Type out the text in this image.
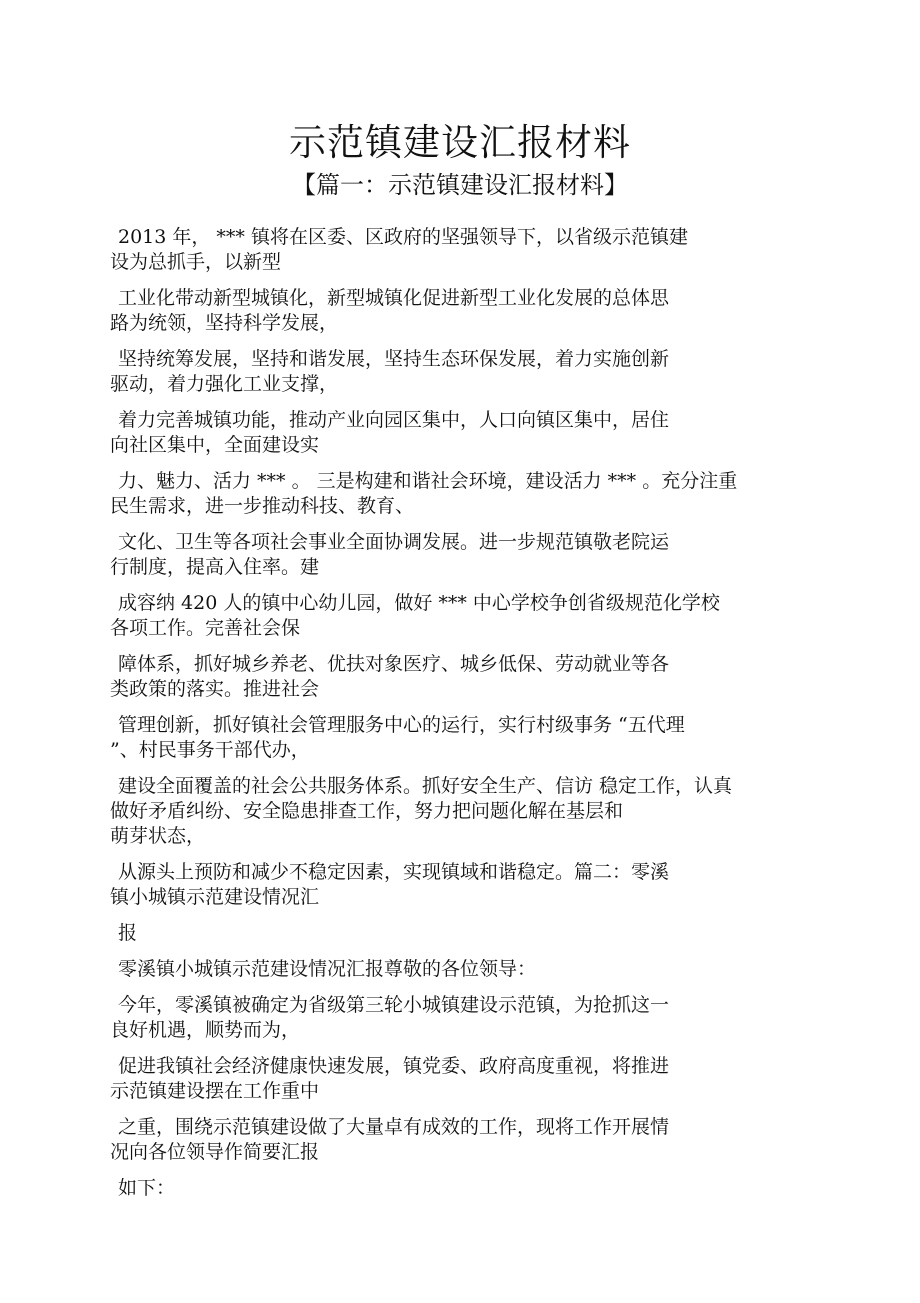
示范镇建设汇报材料
【篇一：示范镇建设汇报材料】
2013 年， *** 镇将在区委、区政府的坚强领导下，以省级示范镇建
设为总抓手，以新型
工业化带动新型城镇化，新型城镇化促进新型工业化发展的总体思
路为统领，坚持科学发展，
坚持统筹发展，坚持和谐发展，坚持生态环保发展，着力实施创新
驱动，着力强化工业支撑，
着力完善城镇功能，推动产业向园区集中，人口向镇区集中，居住
向社区集中，全面建设实
力、魅力、活力 *** 。 三是构建和谐社会环境，建设活力 *** 。充分注重
民生需求，进一步推动科技、教育、
文化、卫生等各项社会事业全面协调发展。进一步规范镇敬老院运
行制度，提高入住率。建
成容纳 420 人的镇中心幼儿园，做好 *** 中心学校争创省级规范化学校
各项工作。完善社会保
障体系，抓好城乡养老、优扶对象医疗、城乡低保、劳动就业等各
类政策的落实。推进社会
管理创新，抓好镇社会管理服务中心的运行，实行村级事务 “五代理
”、村民事务干部代办，
建设全面覆盖的社会公共服务体系。抓好安全生产、信访 稳定工作，认真
做好矛盾纠纷、安全隐患排查工作，努力把问题化解在基层和
萌芽状态，
从源头上预防和减少不稳定因素，实现镇域和谐稳定。篇二：零溪
镇小城镇示范建设情况汇
报
零溪镇小城镇示范建设情况汇报尊敬的各位领导：
今年，零溪镇被确定为省级第三轮小城镇建设示范镇，为抢抓这一
良好机遇，顺势而为，
促进我镇社会经济健康快速发展，镇党委、政府高度重视，将推进
示范镇建设摆在工作重中
之重，围绕示范镇建设做了大量卓有成效的工作，现将工作开展情
况向各位领导作简要汇报
如下：
